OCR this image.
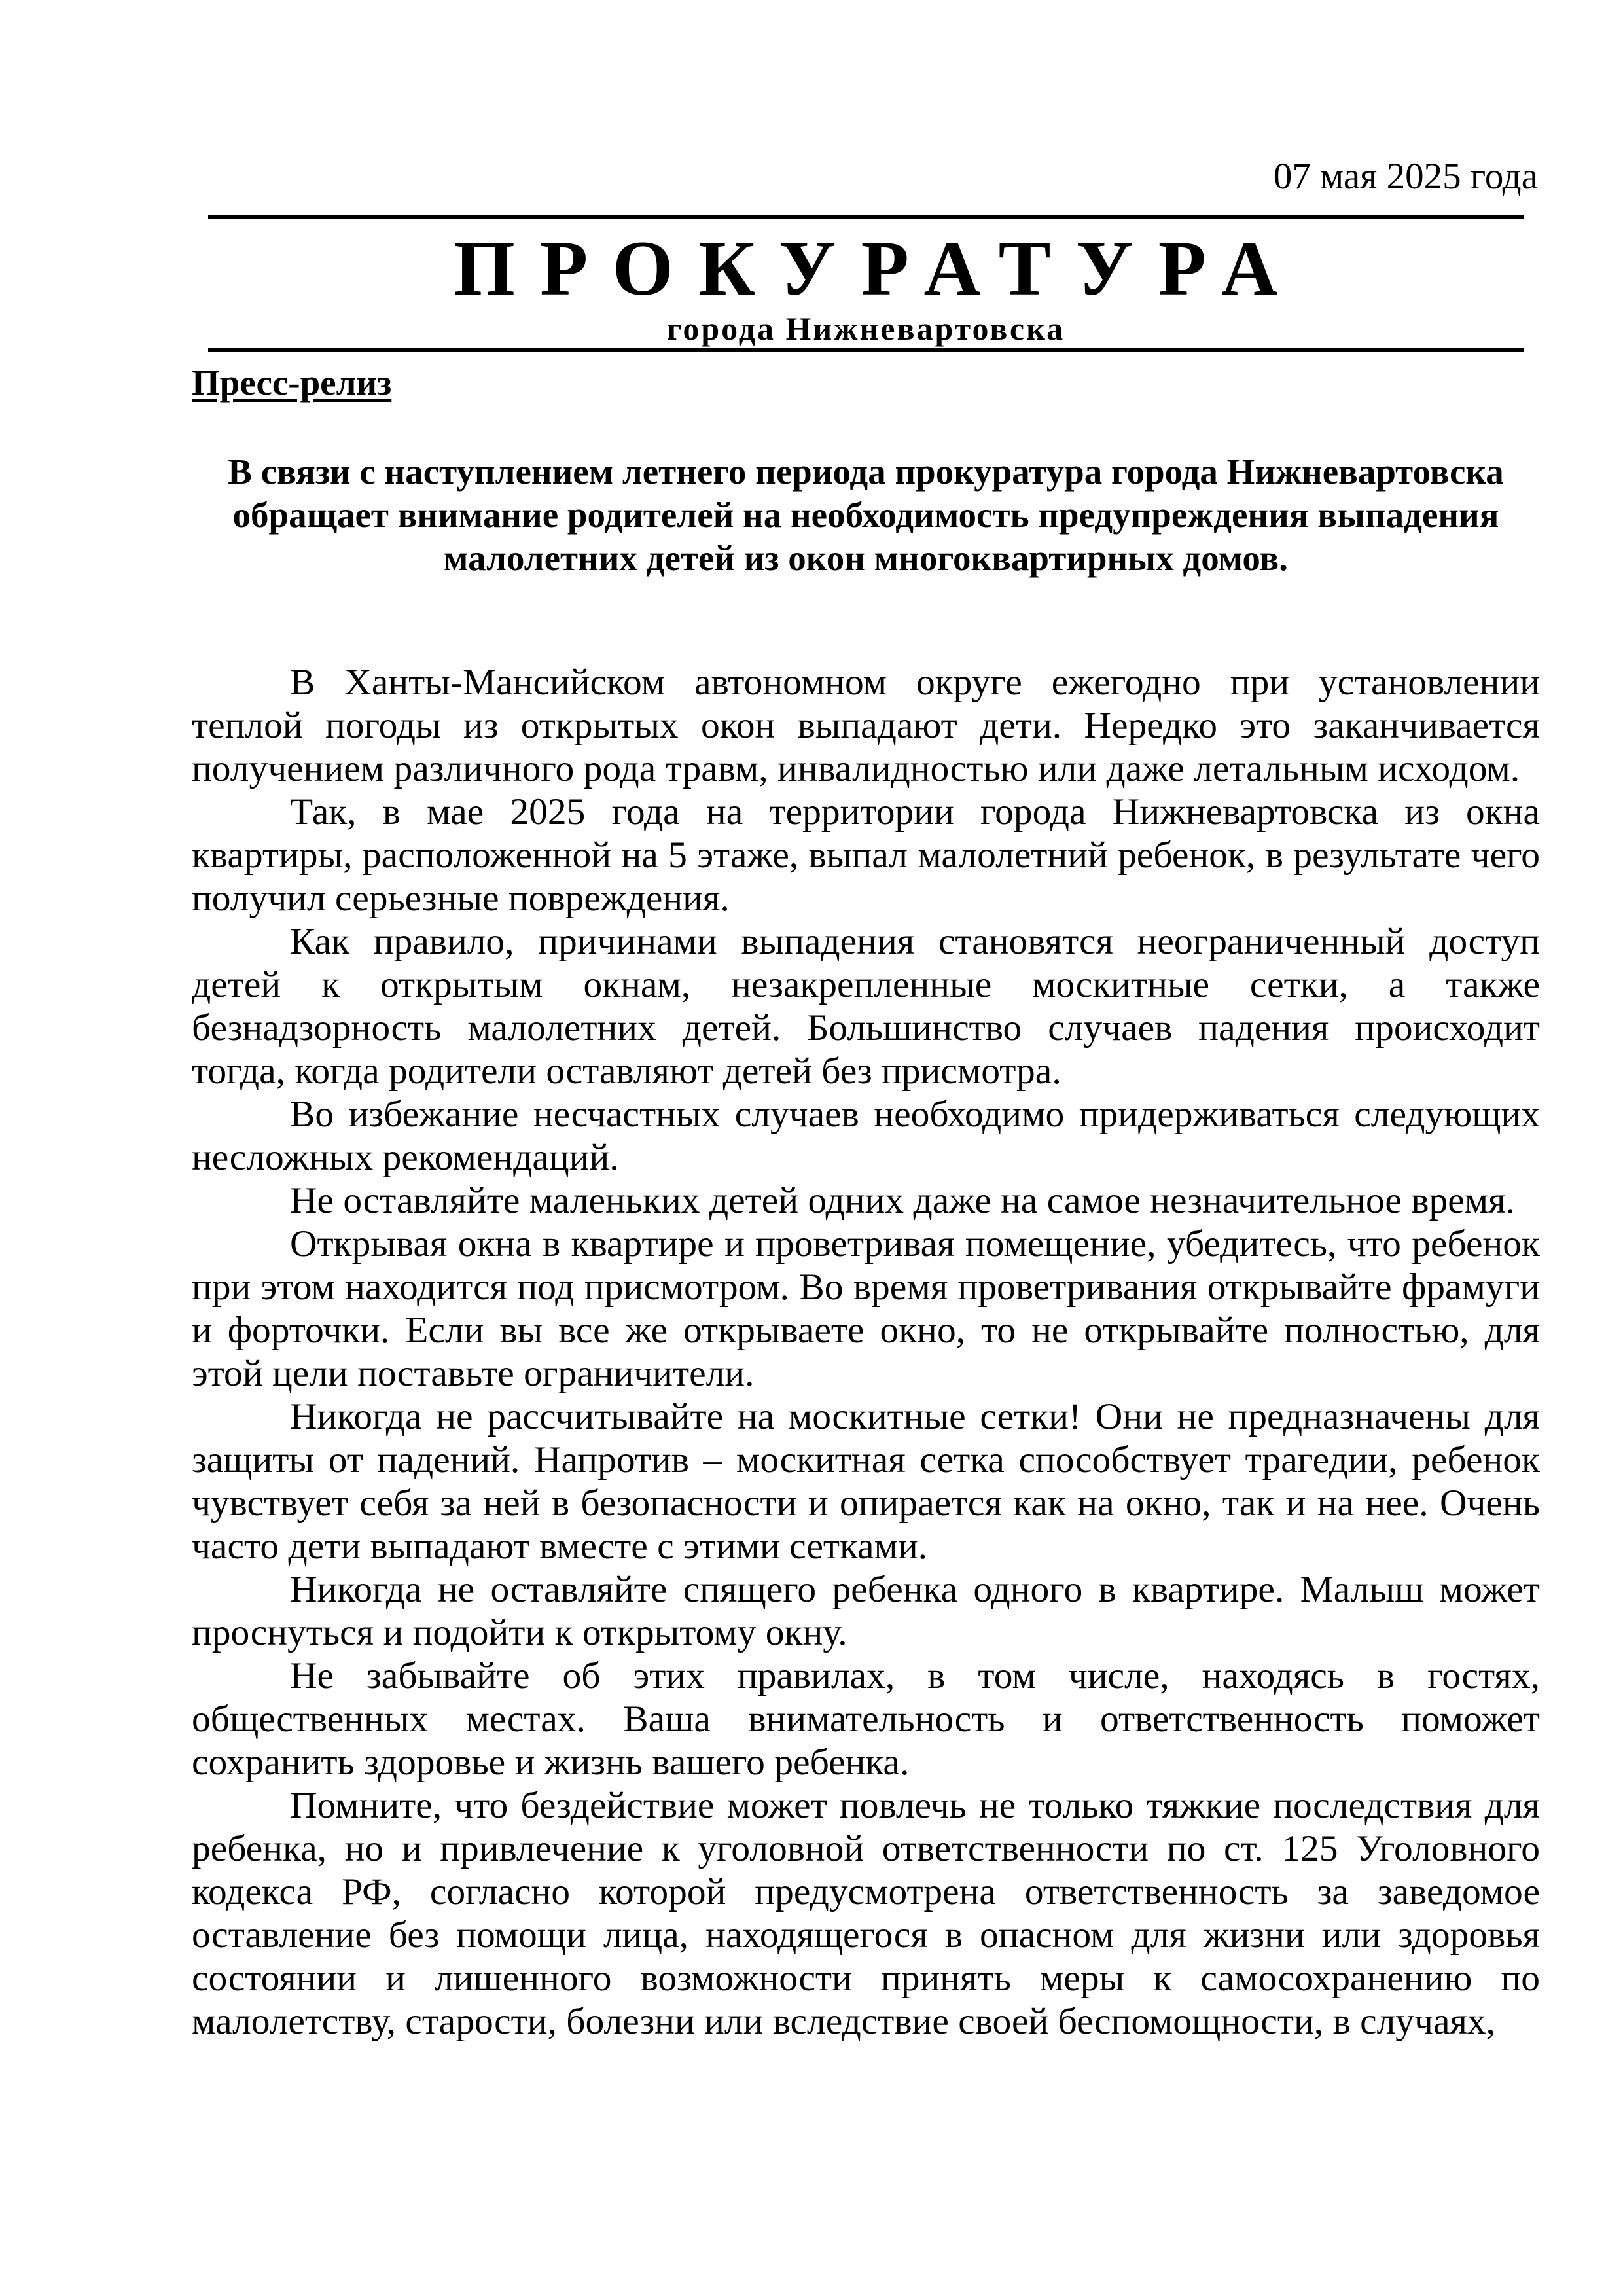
07 мая 2025 года
ПРОКУРАТУРА
города Нижневартовска
Пресс-релиз
В связи с наступлением летнего периода прокуратура города Нижневартовска обращает внимание родителей на необходимость предупреждения выпадения малолетних детей из окон многоквартирных домов.

В Ханты-Мансийском автономном округе ежегодно при установлении теплой погоды из открытых окон выпадают дети. Нередко это заканчивается получением различного рода травм, инвалидностью или даже летальным исходом.

Так, в мае 2025 года на территории города Нижневартовска из окна квартиры, расположенной на 5 этаже, выпал малолетний ребенок, в результате чего получил серьезные повреждения.

Как правило, причинами выпадения становятся неограниченный доступ детей к открытым окнам, незакрепленные москитные сетки, а также безнадзорность малолетних детей. Большинство случаев падения происходит тогда, когда родители оставляют детей без присмотра.

Во избежание несчастных случаев необходимо придерживаться следующих несложных рекомендаций.

Не оставляйте маленьких детей одних даже на самое незначительное время.

Открывая окна в квартире и проветривая помещение, убедитесь, что ребенок при этом находится под присмотром. Во время проветривания открывайте фрамуги и форточки. Если вы все же открываете окно, то не открывайте полностью, для этой цели поставьте ограничители.

Никогда не рассчитывайте на москитные сетки! Они не предназначены для защиты от падений. Напротив – москитная сетка способствует трагедии, ребенок чувствует себя за ней в безопасности и опирается как на окно, так и на нее. Очень часто дети выпадают вместе с этими сетками.

Никогда не оставляйте спящего ребенка одного в квартире. Малыш может проснуться и подойти к открытому окну.

Не забывайте об этих правилах, в том числе, находясь в гостях, общественных местах. Ваша внимательность и ответственность поможет сохранить здоровье и жизнь вашего ребенка.

Помните, что бездействие может повлечь не только тяжкие последствия для ребенка, но и привлечение к уголовной ответственности по ст. 125 Уголовного кодекса РФ, согласно которой предусмотрена ответственность за заведомое оставление без помощи лица, находящегося в опасном для жизни или здоровья состоянии и лишенного возможности принять меры к самосохранению по малолетству, старости, болезни или вследствие своей беспомощности, в случаях,
